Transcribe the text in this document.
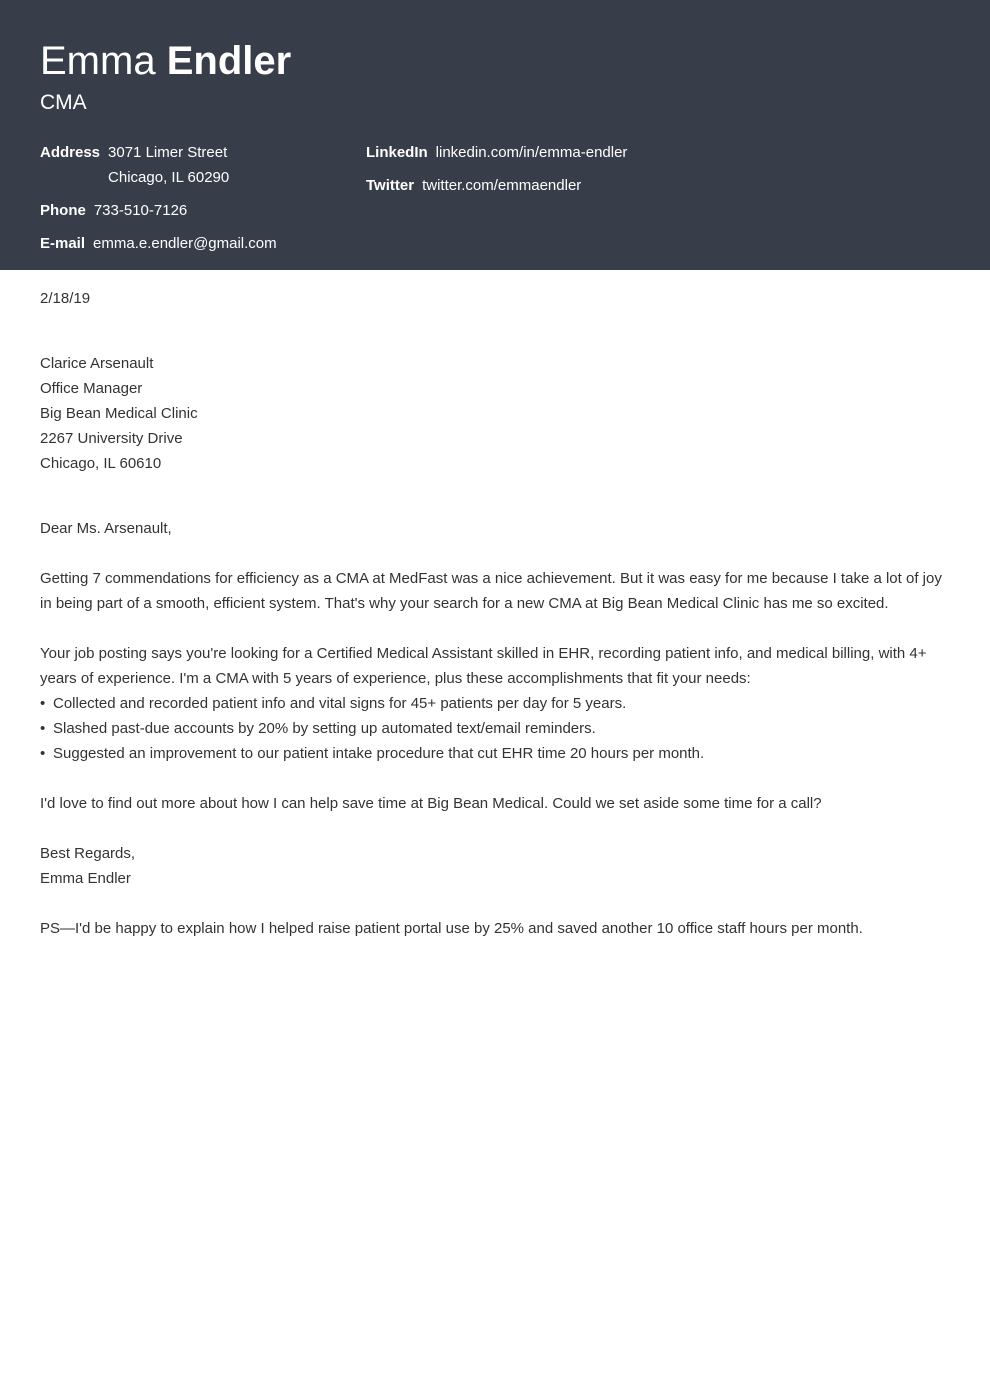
Emma Endler
CMA
Address 3071 Limer Street
Chicago, IL 60290
Phone 733-510-7126
E-mail emma.e.endler@gmail.com
LinkedIn linkedin.com/in/emma-endler
Twitter twitter.com/emmaendler
2/18/19
Clarice Arsenault
Office Manager
Big Bean Medical Clinic
2267 University Drive
Chicago, IL 60610

Dear Ms. Arsenault,

Getting 7 commendations for efficiency as a CMA at MedFast was a nice achievement. But it was easy for me because I take a lot of joy in being part of a smooth, efficient system. That's why your search for a new CMA at Big Bean Medical Clinic has me so excited.

Your job posting says you're looking for a Certified Medical Assistant skilled in EHR, recording patient info, and medical billing, with 4+ years of experience. I'm a CMA with 5 years of experience, plus these accomplishments that fit your needs:

• Collected and recorded patient info and vital signs for 45+ patients per day for 5 years.
• Slashed past-due accounts by 20% by setting up automated text/email reminders.
• Suggested an improvement to our patient intake procedure that cut EHR time 20 hours per month.

I'd love to find out more about how I can help save time at Big Bean Medical. Could we set aside some time for a call?

Best Regards,
Emma Endler

PS—I'd be happy to explain how I helped raise patient portal use by 25% and saved another 10 office staff hours per month.
